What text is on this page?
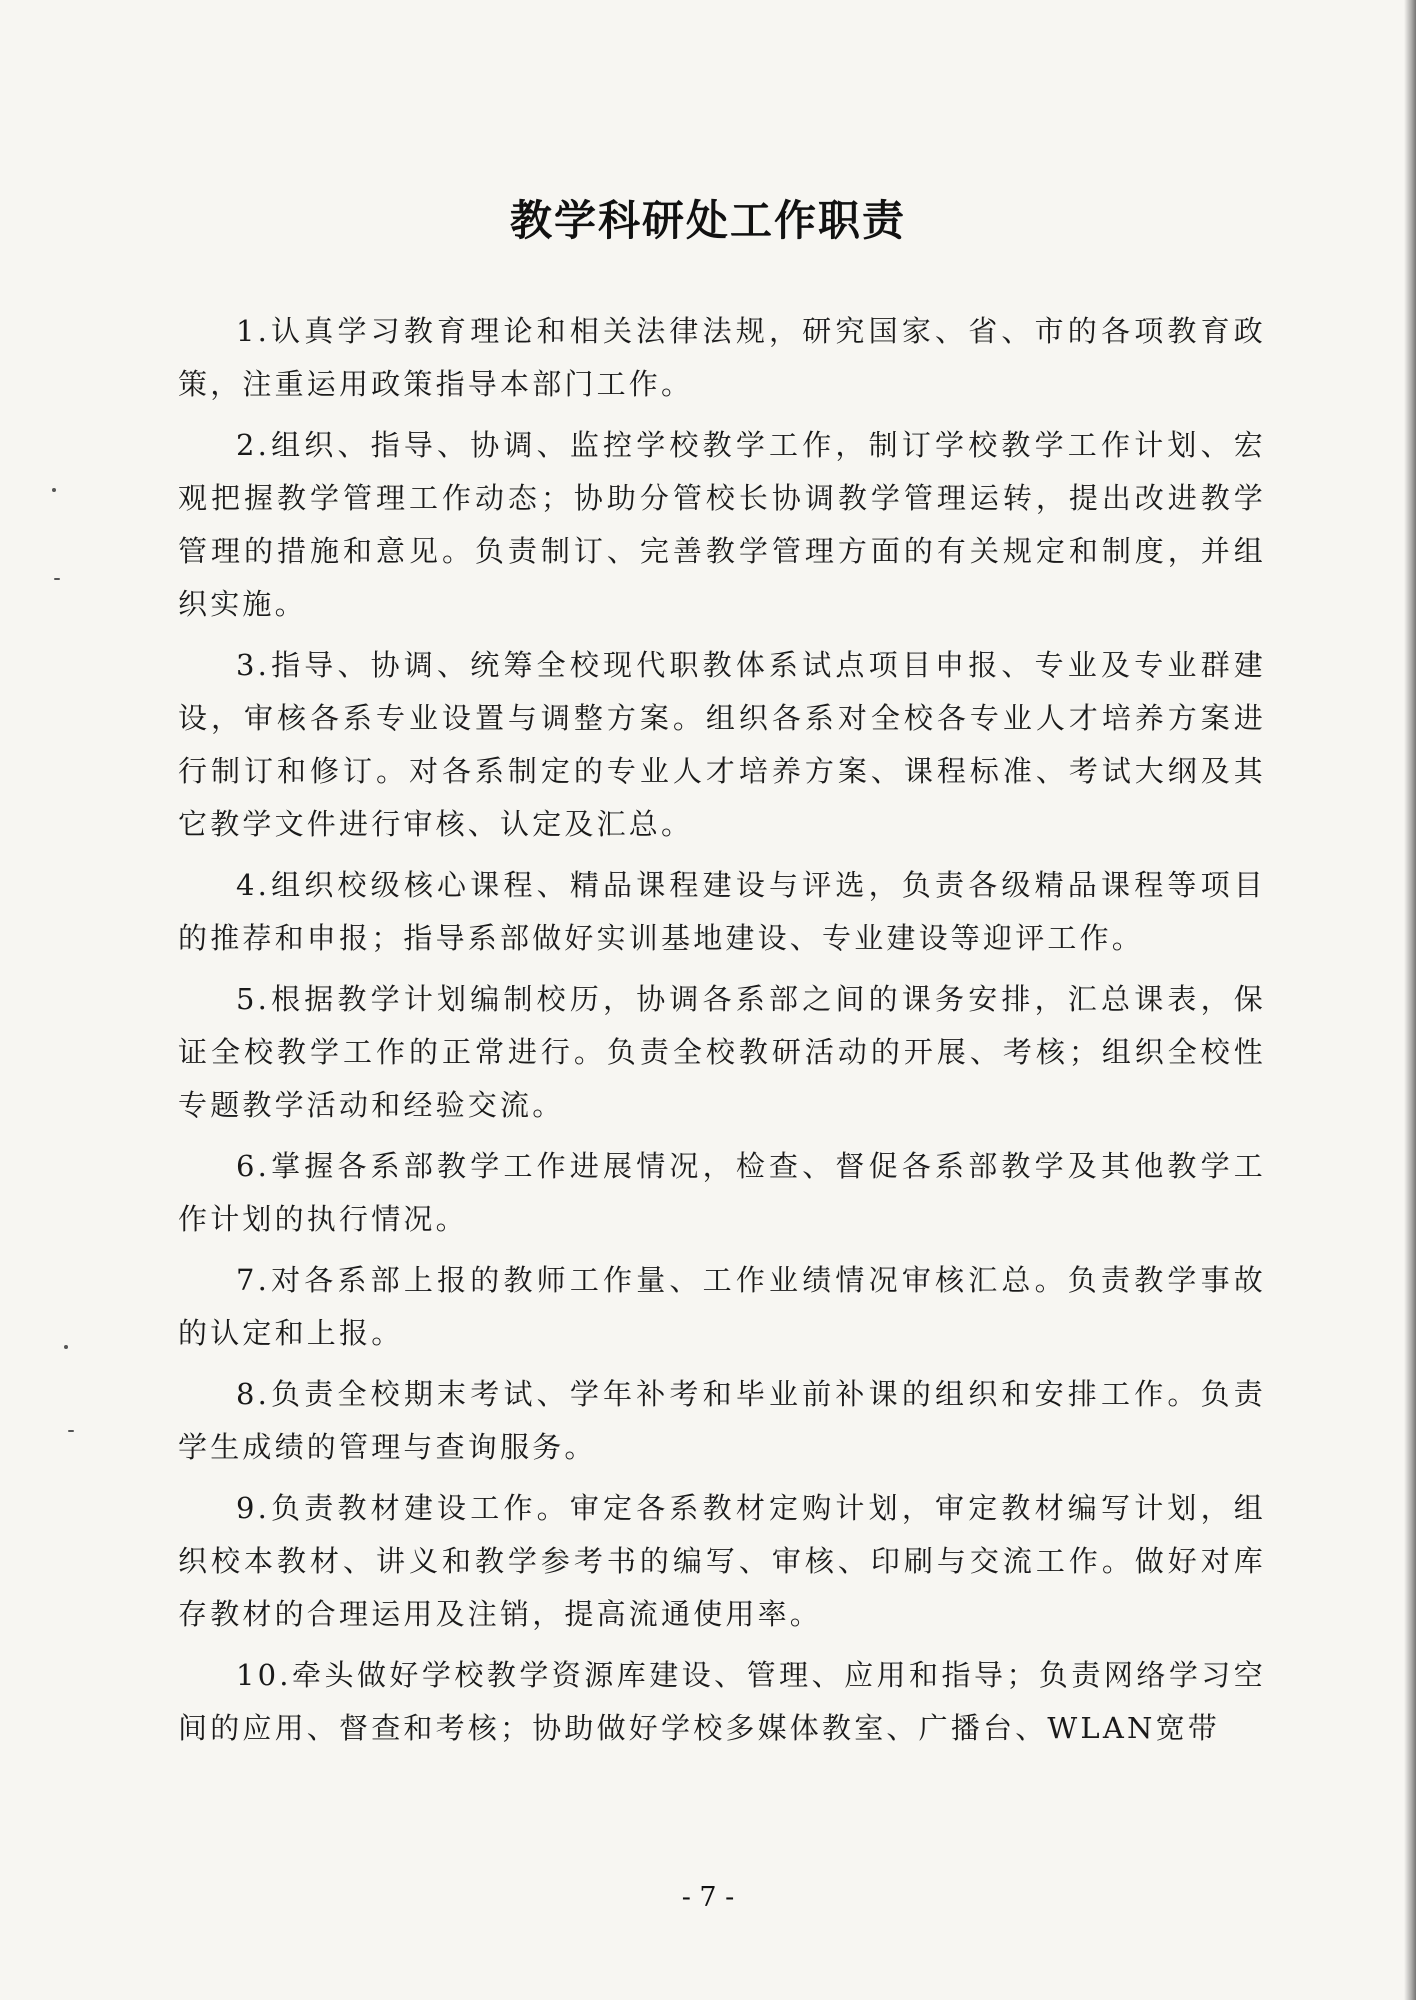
教学科研处工作职责

1.认真学习教育理论和相关法律法规，研究国家、省、市的各项教育政策，注重运用政策指导本部门工作。

2.组织、指导、协调、监控学校教学工作，制订学校教学工作计划、宏观把握教学管理工作动态；协助分管校长协调教学管理运转，提出改进教学管理的措施和意见。负责制订、完善教学管理方面的有关规定和制度，并组织实施。

3.指导、协调、统筹全校现代职教体系试点项目申报、专业及专业群建设，审核各系专业设置与调整方案。组织各系对全校各专业人才培养方案进行制订和修订。对各系制定的专业人才培养方案、课程标准、考试大纲及其它教学文件进行审核、认定及汇总。

4.组织校级核心课程、精品课程建设与评选，负责各级精品课程等项目的推荐和申报；指导系部做好实训基地建设、专业建设等迎评工作。

5.根据教学计划编制校历，协调各系部之间的课务安排，汇总课表，保证全校教学工作的正常进行。负责全校教研活动的开展、考核；组织全校性专题教学活动和经验交流。

6.掌握各系部教学工作进展情况，检查、督促各系部教学及其他教学工作计划的执行情况。

7.对各系部上报的教师工作量、工作业绩情况审核汇总。负责教学事故的认定和上报。

8.负责全校期末考试、学年补考和毕业前补课的组织和安排工作。负责学生成绩的管理与查询服务。

9.负责教材建设工作。审定各系教材定购计划，审定教材编写计划，组织校本教材、讲义和教学参考书的编写、审核、印刷与交流工作。做好对库存教材的合理运用及注销，提高流通使用率。

10.牵头做好学校教学资源库建设、管理、应用和指导；负责网络学习空间的应用、督查和考核；协助做好学校多媒体教室、广播台、WLAN宽带

- 7 -
